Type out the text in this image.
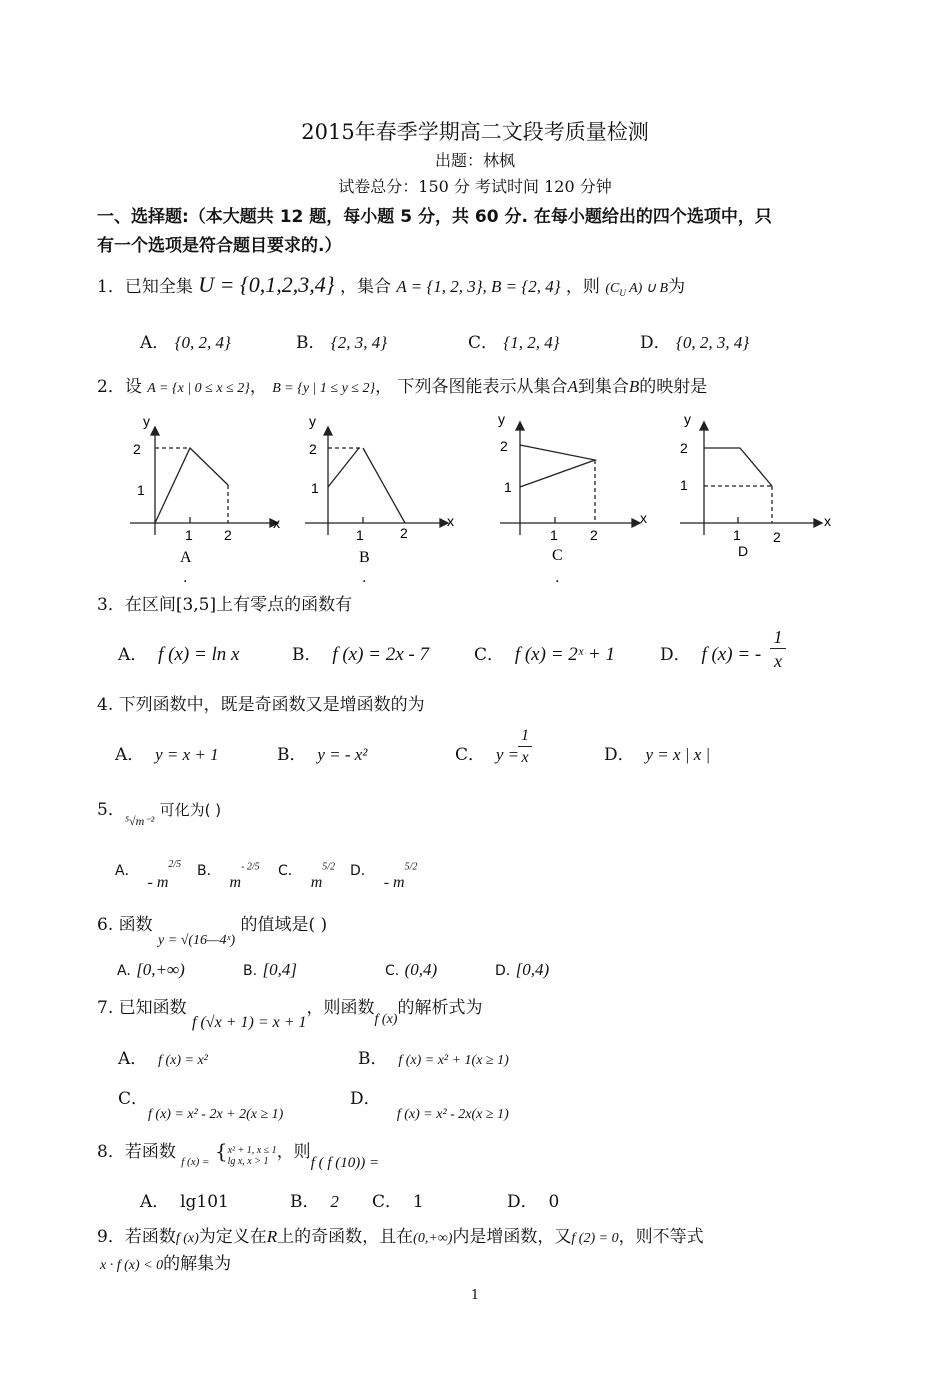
2015年春季学期高二文段考质量检测
出题：林枫
试卷总分：150 分 考试时间 120 分钟
一、选择题:（本大题共 12 题，每小题 5 分，共 60 分. 在每小题给出的四个选项中，只
有一个选项是符合题目要求的.）
1．已知全集 U = {0,1,2,3,4} ，集合 A = {1, 2, 3}, B = {2, 4} ，则 ($C_U$ A) ∪ B为
A． {0, 2, 4}	B． {2, 3, 4}	C． {1, 2, 4}	D． {0, 2, 3, 4}
2．设 A = {x | 0 ≤ x ≤ 2}， B = {y | 1 ≤ y ≤ 2}， 下列各图能表示从集合A到集合B的映射是
y
x
2
1
1 2
A
.
y
x
2
1
1	2
B
.
y
x
2
1
1 2
C
.
y
x
2
1
1 2
D
3．在区间[3,5]上有零点的函数有
A． f (x) = ln x	B． f (x) = 2x - 7	C． f (x) = 2ˣ + 1	D． f (x) = -
1
x
4. 下列函数中，既是奇函数又是增函数的为
A． y = x + 1	B． y = - x²	C． y =
1
x	D． y = x | x |
5．$_{^5√m^{-2}}$ 可化为( )
A．  - $m^{2/5}$ B．  $m^{- 2/5}$ C．  $m^{5/2}$ D．  - $m^{5/2}$
6. 函数 $_{y = √(16—4ˣ)}$ 的值域是( )
A. [0,+∞)	B. [0,4]	C. (0,4)	D. [0,4)
7. 已知函数 f (√x + 1) = x + 1，则函数$_{f (x)}$的解析式为
A． f (x) = x²	B． f (x) = x² + 1(x ≥ 1)
C．$_{f (x) = x^2 - 2x + 2(x \ge 1)}$
D．   $_{f (x) = x^2 - 2x(x \ge 1)}$
8．若函数 $_{f (x) =}$ { x² + 1, x ≤ 1
lg x, x > 1 ，则f ( f (10)) =
A． lg101	B． 2 C． 1	D． 0
9．若函数f (x)为定义在R上的奇函数，且在(0,+∞)内是增函数，又f (2) = 0，则不等式
x · f (x) < 0的解集为
1
